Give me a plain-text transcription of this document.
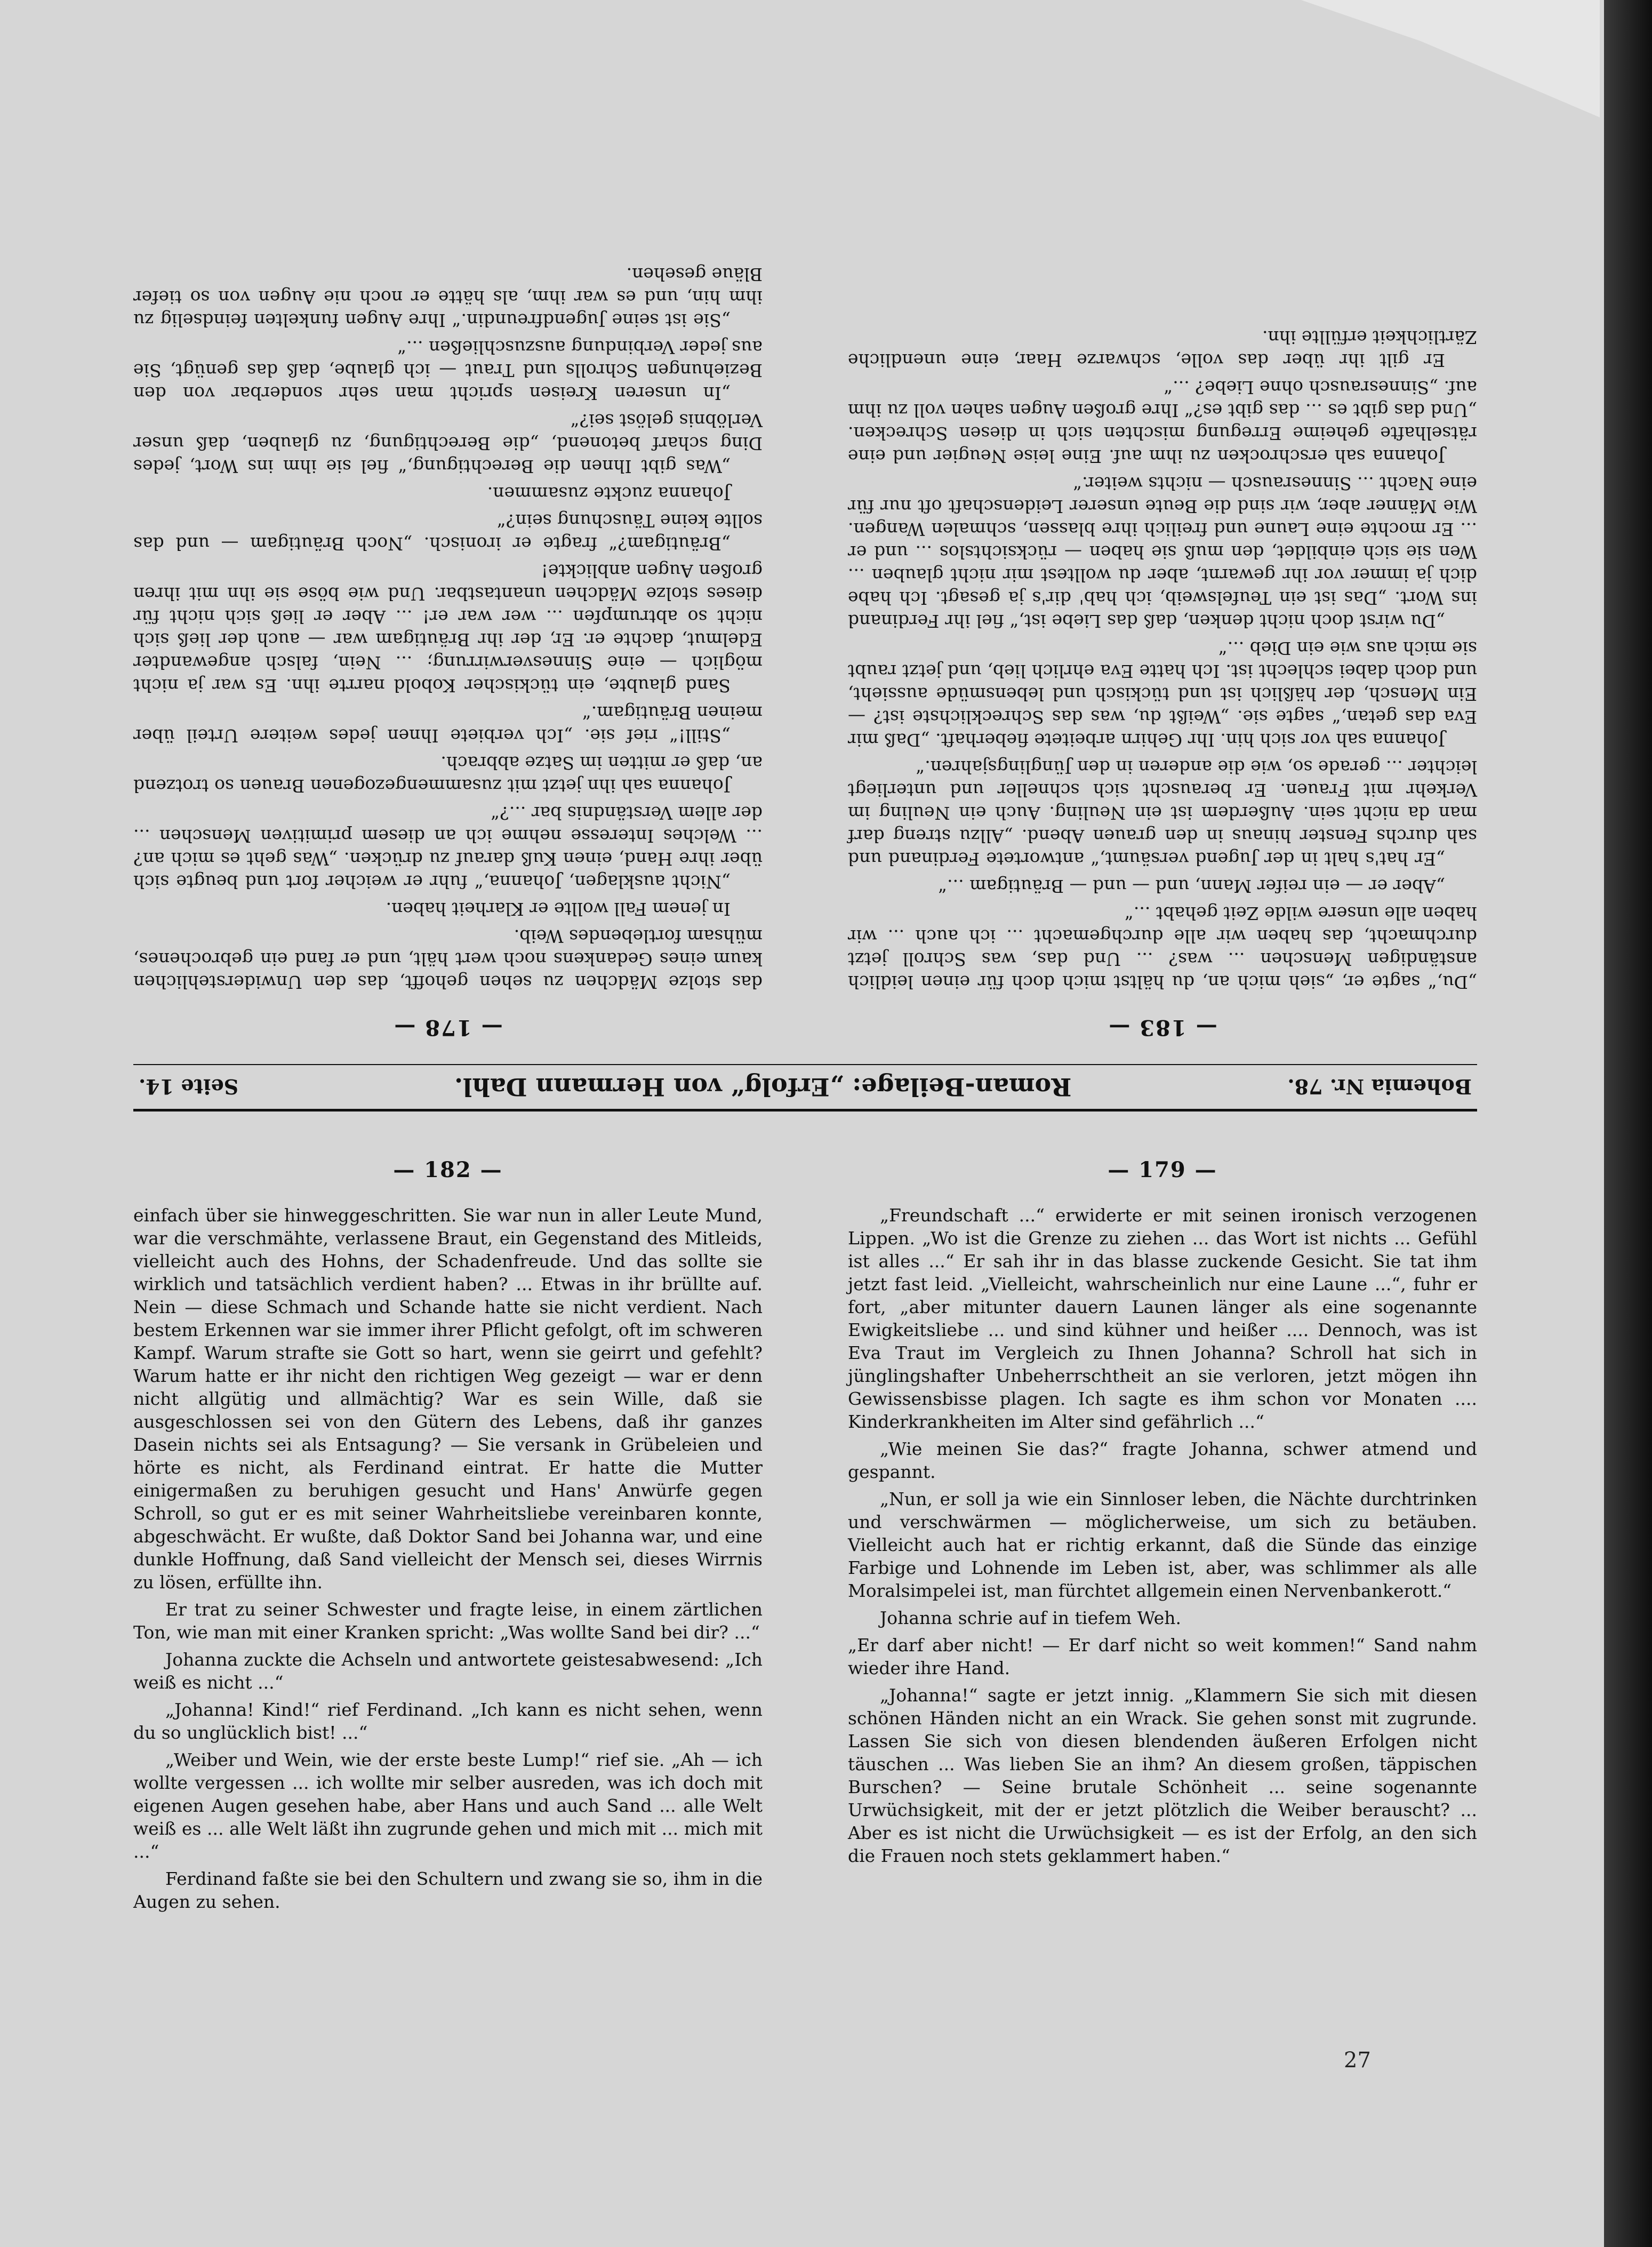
— 183 —

„Du,“ sagte er, „sieh mich an, du hältst mich doch für einen leidlich anständigen Menschen ... was? ... Und das, was Schroll jetzt durchmacht, das haben wir alle durchgemacht ... ich auch ... wir haben alle unsere wilde Zeit gehabt ...“

„Aber er — ein reifer Mann, und — und — Bräutigam ...“

„Er hat's halt in der Jugend versäumt,“ antwortete Ferdinand und sah durchs Fenster hinaus in den grauen Abend. „Allzu streng darf man da nicht sein. Außerdem ist ein Neuling. Auch ein Neuling im Verkehr mit Frauen. Er berauscht sich schneller und unterliegt leichter ... gerade so, wie die anderen in den Jünglingsjahren.“

Johanna sah vor sich hin. Ihr Gehirn arbeitete fieberhaft. „Daß mir Eva das getan,“ sagte sie. „Weißt du, was das Schrecklichste ist? — Ein Mensch, der häßlich ist und tückisch und lebensmüde aussieht, und doch dabei schlecht ist. Ich hatte Eva ehrlich lieb, und jetzt raubt sie mich aus wie ein Dieb ...“

„Du wirst doch nicht denken, daß das Liebe ist,“ fiel ihr Ferdinand ins Wort. „Das ist ein Teufelsweib, ich hab' dir's ja gesagt. Ich habe dich ja immer vor ihr gewarnt, aber du wolltest mir nicht glauben ... Wen sie sich einbildet, den muß sie haben — rücksichtslos ... und er ... Er mochte eine Laune und freilich ihre blassen, schmalen Wangen. Wie Männer aber, wir sind die Beute unserer Leidenschaft oft nur für eine Nacht ... Sinnesrausch — nichts weiter.“

Johanna sah erschrocken zu ihm auf. Eine leise Neugier und eine rätselhafte geheime Erregung mischten sich in diesen Schrecken. „Und das gibt es ... das gibt es?“ Ihre großen Augen sahen voll zu ihm auf. „Sinnesrausch ohne Liebe? ...“

Er gilt ihr über das volle, schwarze Haar, eine unendliche Zärtlichkeit erfüllte ihn.

— 178 —

das stolze Mädchen zu sehen gehofft, das den Unwiderstehlichen kaum eines Gedankens noch wert hält, und er fand ein gebrochenes, mühsam fortlebendes Weib.

In jenem Fall wollte er Klarheit haben.

„Nicht ausklagen, Johanna,“ fuhr er weicher fort und beugte sich über ihre Hand, einen Kuß darauf zu drücken. „Was geht es mich an? ... Welches Interesse nehme ich an diesem primitiven Menschen ... der allem Verständnis bar ...?“

Johanna sah ihn jetzt mit zusammengezogenen Brauen so trotzend an, daß er mitten im Satze abbrach.

„Still!“ rief sie. „Ich verbiete Ihnen jedes weitere Urteil über meinen Bräutigam.“

Sand glaubte, ein tückischer Kobold narrte ihn. Es war ja nicht möglich — eine Sinnesverwirrung; ... Nein, falsch angewandter Edelmut, dachte er. Er, der ihr Bräutigam war — auch der ließ sich nicht so abtrumpfen ... wer war er! ... Aber er ließ sich nicht für dieses stolze Mädchen unantastbar. Und wie böse sie ihn mit ihren großen Augen anblickte!

„Bräutigam?“ fragte er ironisch. „Noch Bräutigam — und das sollte keine Täuschung sein?“

Johanna zuckte zusammen.

„Was gibt Ihnen die Berechtigung,“ fiel sie ihm ins Wort, jedes Ding scharf betonend, „die Berechtigung, zu glauben, daß unser Verlöbnis gelöst sei?“

„In unseren Kreisen spricht man sehr sonderbar von den Beziehungen Schrolls und Traut — ich glaube, daß das genügt, Sie aus jeder Verbindung auszuschließen ...“

„Sie ist seine Jugendfreundin.“ Ihre Augen funkelten feindselig zu ihm hin, und es war ihm, als hätte er noch nie Augen von so tiefer Bläue gesehen.

Bohemia Nr. 78.
Roman-Beilage: „Erfolg“ von Hermann Dahl.
Seite 14.
— 182 —

einfach über sie hinweggeschritten. Sie war nun in aller Leute Mund, war die verschmähte, verlassene Braut, ein Gegenstand des Mitleids, vielleicht auch des Hohns, der Schadenfreude. Und das sollte sie wirklich und tatsächlich verdient haben? ... Etwas in ihr brüllte auf. Nein — diese Schmach und Schande hatte sie nicht verdient. Nach bestem Erkennen war sie immer ihrer Pflicht gefolgt, oft im schweren Kampf. Warum strafte sie Gott so hart, wenn sie geirrt und gefehlt? Warum hatte er ihr nicht den richtigen Weg gezeigt — war er denn nicht allgütig und allmächtig? War es sein Wille, daß sie ausgeschlossen sei von den Gütern des Lebens, daß ihr ganzes Dasein nichts sei als Entsagung? — Sie versank in Grübeleien und hörte es nicht, als Ferdinand eintrat. Er hatte die Mutter einigermaßen zu beruhigen gesucht und Hans' Anwürfe gegen Schroll, so gut er es mit seiner Wahrheitsliebe vereinbaren konnte, abgeschwächt. Er wußte, daß Doktor Sand bei Johanna war, und eine dunkle Hoffnung, daß Sand vielleicht der Mensch sei, dieses Wirrnis zu lösen, erfüllte ihn.

Er trat zu seiner Schwester und fragte leise, in einem zärtlichen Ton, wie man mit einer Kranken spricht: „Was wollte Sand bei dir? ...“

Johanna zuckte die Achseln und antwortete geistesabwesend: „Ich weiß es nicht ...“

„Johanna! Kind!“ rief Ferdinand. „Ich kann es nicht sehen, wenn du so unglücklich bist! ...“

„Weiber und Wein, wie der erste beste Lump!“ rief sie. „Ah — ich wollte vergessen ... ich wollte mir selber ausreden, was ich doch mit eigenen Augen gesehen habe, aber Hans und auch Sand ... alle Welt weiß es ... alle Welt läßt ihn zugrunde gehen und mich mit ... mich mit ...“

Ferdinand faßte sie bei den Schultern und zwang sie so, ihm in die Augen zu sehen.

— 179 —

„Freundschaft ...“ erwiderte er mit seinen ironisch verzogenen Lippen. „Wo ist die Grenze zu ziehen ... das Wort ist nichts ... Gefühl ist alles ...“ Er sah ihr in das blasse zuckende Gesicht. Sie tat ihm jetzt fast leid. „Vielleicht, wahrscheinlich nur eine Laune ...“, fuhr er fort, „aber mitunter dauern Launen länger als eine sogenannte Ewigkeitsliebe ... und sind kühner und heißer .... Dennoch, was ist Eva Traut im Vergleich zu Ihnen Johanna? Schroll hat sich in jünglingshafter Unbeherrschtheit an sie verloren, jetzt mögen ihn Gewissensbisse plagen. Ich sagte es ihm schon vor Monaten .... Kinderkrankheiten im Alter sind gefährlich ...“

„Wie meinen Sie das?“ fragte Johanna, schwer atmend und gespannt.

„Nun, er soll ja wie ein Sinnloser leben, die Nächte durchtrinken und verschwärmen — möglicherweise, um sich zu betäuben. Vielleicht auch hat er richtig erkannt, daß die Sünde das einzige Farbige und Lohnende im Leben ist, aber, was schlimmer als alle Moralsimpelei ist, man fürchtet allgemein einen Nervenbankerott.“

Johanna schrie auf in tiefem Weh.

„Er darf aber nicht! — Er darf nicht so weit kommen!“ Sand nahm wieder ihre Hand.

„Johanna!“ sagte er jetzt innig. „Klammern Sie sich mit diesen schönen Händen nicht an ein Wrack. Sie gehen sonst mit zugrunde. Lassen Sie sich von diesen blendenden äußeren Erfolgen nicht täuschen ... Was lieben Sie an ihm? An diesem großen, täppischen Burschen? — Seine brutale Schönheit ... seine sogenannte Urwüchsigkeit, mit der er jetzt plötzlich die Weiber berauscht? ... Aber es ist nicht die Urwüchsigkeit — es ist der Erfolg, an den sich die Frauen noch stets geklammert haben.“

27
